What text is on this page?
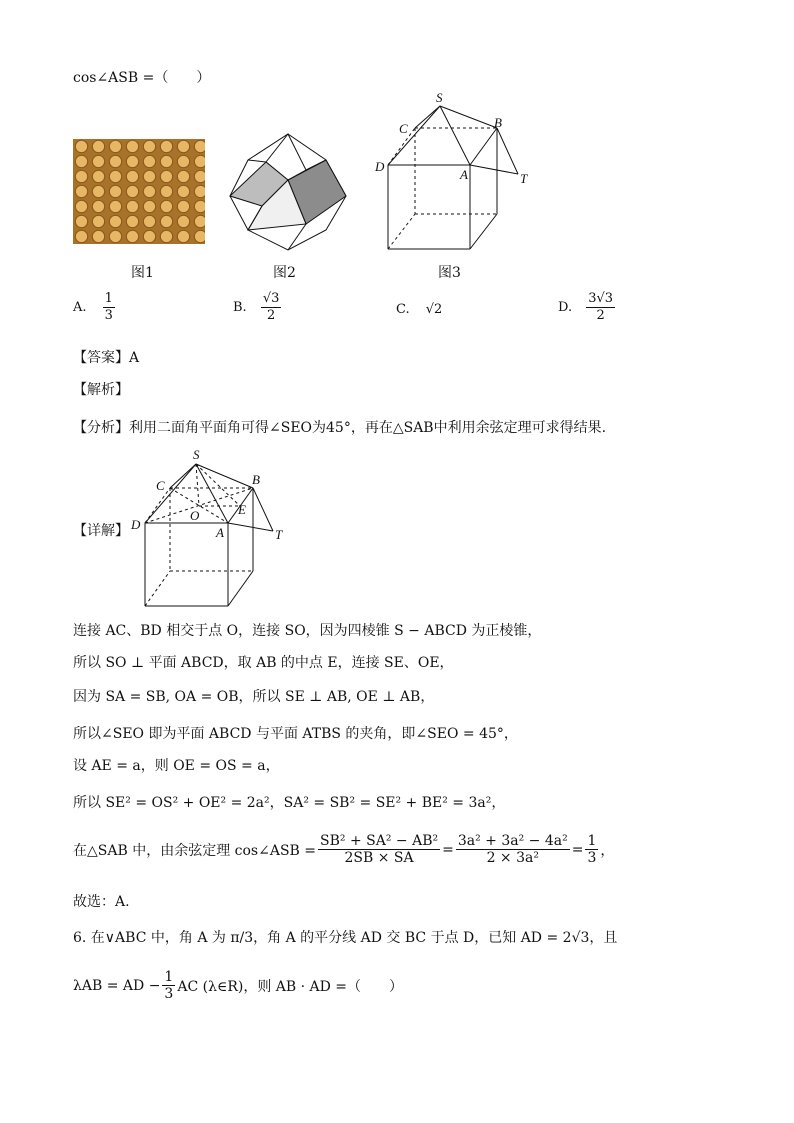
cos∠ASB =（　　）
图1	图2
S
C	B
D
A	T
图3
A. $\frac{1}{3}$	B. $\frac{√3}{2}$	C. √2	D. $\frac{3√3}{2}$
【答案】A
【解析】
【分析】利用二面角平面角可得∠SEO为45°，再在△SAB中利用余弦定理可求得结果.
【详解】
S
C	B
D
A	T
O	E
连接 AC、BD 相交于点 O，连接 SO，因为四棱锥 S − ABCD 为正棱锥，
所以 SO ⊥ 平面 ABCD，取 AB 的中点 E，连接 SE、OE，
因为 SA = SB, OA = OB，所以 SE ⊥ AB, OE ⊥ AB，
所以∠SEO 即为平面 ABCD 与平面 ATBS 的夹角，即∠SEO = 45°，
设 AE = a，则 OE = OS = a，
所以 SE² = OS² + OE² = 2a²，SA² = SB² = SE² + BE² = 3a²，
在△SAB 中，由余弦定理 cos∠ASB = $\frac{\text{SB² + SA² − AB²}}{2SB \times SA} = \frac{\text{3a² + 3a² − 4a²}}{\text{2 × 3a²}} = \frac{1}{3}$ ，
故选：A.
6. 在∨ABC 中，角 A 为 π/3，角 A 的平分线 AD 交 BC 于点 D，已知 AD = 2√3，且
λAB = AD − $\frac{1}{3}$ AC (λ∈R)，则 AB · AD =（　　）
